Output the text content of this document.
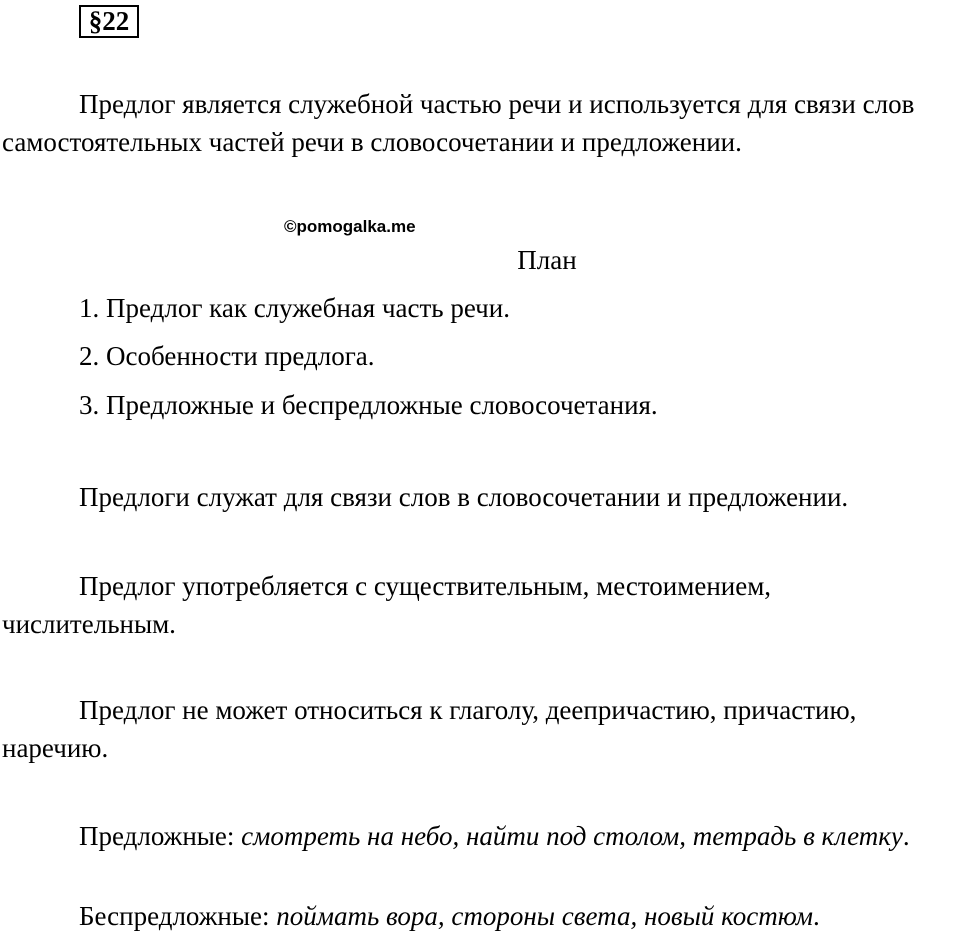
§22

Предлог является служебной частью речи и используется для связи слов самостоятельных частей речи в словосочетании и предложении.

©pomogalka.me
План
1. Предлог как служебная часть речи.
2. Особенности предлога.
3. Предложные и беспредложные словосочетания.

Предлоги служат для связи слов в словосочетании и предложении.

Предлог употребляется с существительным, местоимением, числительным.

Предлог не может относиться к глаголу, деепричастию, причастию, наречию.

Предложные: смотреть на небо, найти под столом, тетрадь в клетку.

Беспредложные: поймать вора, стороны света, новый костюм.
